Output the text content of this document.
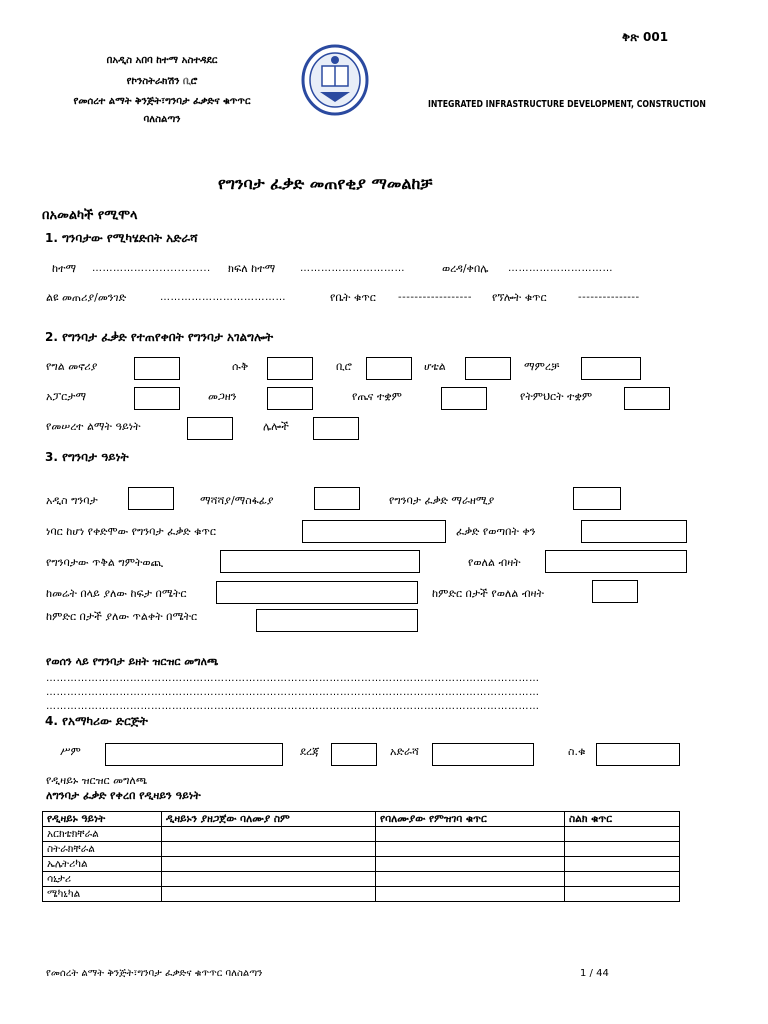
ቅጽ 001
በአዲስ አበባ ከተማ አስተዳደር
የኮንስትራክሽን ቢሮ
የመሰረተ ልማት ቅንጅት፣ግንባታ ፈቃድና ቁጥጥር
ባለስልጣን
INTEGRATED INFRASTRUCTURE DEVELOPMENT, CONSTRUCTION
የግንባታ ፈቃድ መጠየቂያ ማመልከቻ
በአመልካች የሚሞላ
1. ግንባታው የሚካሄድበት አድራሻ
ከተማ …………….................. ክፍለ ከተማ …………………………	ወረዳ/ቀበሌ …………………………
ልዩ መጠሪያ/መንገድ	………………………………	የቤት ቁጥር ------------------ የኘሎት ቁጥር	---------------
2. የግንባታ ፈቃድ የተጠየቀበት የግንባታ አገልግሎት
የግል መኖሪያ	ሱቅ	ቢሮ	ሆቴል	ማምረቻ
አፓርታማ	መጋዘን	የጤና ተቋም	የትምህርት ተቋም
የመሠረተ ልማት ዓይነት	ሌሎች
3. የግንባታ ዓይነት
አዲስ ግንባታ	ማሻሻያ/ማስፋፊያ	የግንባታ ፈቃድ ማራዘሚያ
ነባር ከሆነ የቀድሞው የግንባታ ፈቃድ ቁጥር	ፈቃድ የወጣበት ቀን
የግንባታው ጥቅል ግምትወጪ	የወለል ብዛት
ከመሬት በላይ ያለው ከፍታ በሜትር	ከምድር በታች የወለል ብዛት
ከምድር በታች ያለው ጥልቀት በሜትር
የወሰን ላይ የግንባታ ይዘት ዝርዝር መግለጫ
……………………………………………………………………………………………………………………………
……………………………………………………………………………………………………………………………
……………………………………………………………………………………………………………………………
4. የአማካሪው ድርጅት
ሥም	ደረጃ	አድራሻ	ስ.ቁ
የዲዛይኑ ዝርዝር መግለጫ
ለግንባታ ፈቃድ የቀረበ የዲዛይን ዓይነት
የዲዛይኑ ዓይነት	ዲዛይኑን ያዘጋጀው ባለሙያ ስም	የባለሙያው የምዝገባ ቁጥር	ስልክ ቁጥር
አርክቴክቸራል			
ስትራክቸራል			
ኤሌትሪካል			
ሳኒታሪ			
ሜካኒካል			
የመሰረት ልማት ቅንጅት፣ግንባታ ፈቃድና ቁጥጥር ባለስልጣን	1 / 44
